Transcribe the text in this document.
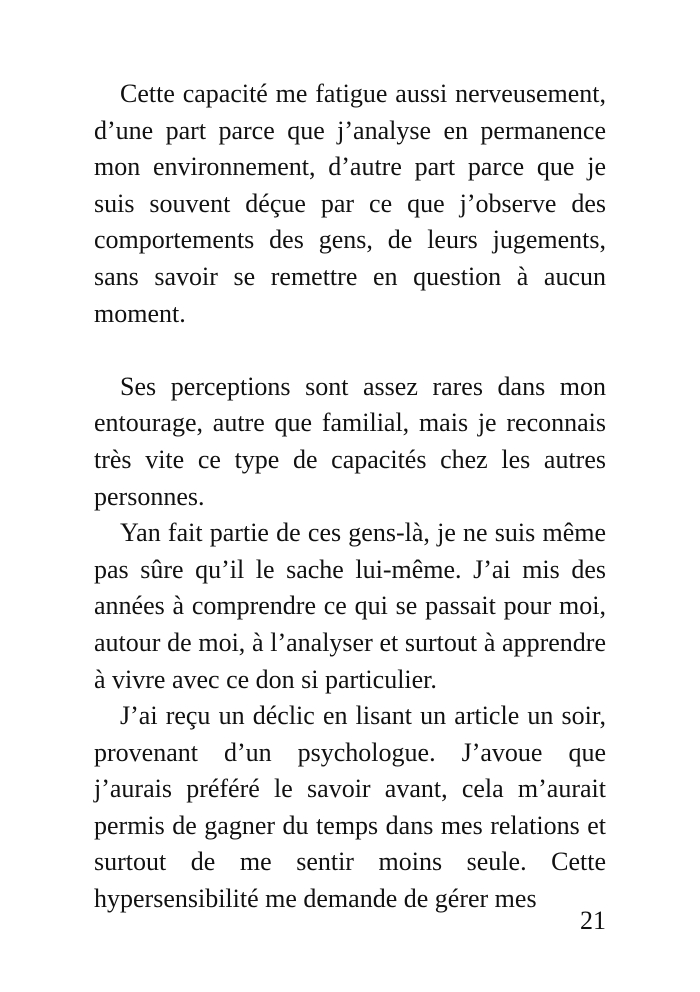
Cette capacité me fatigue aussi nerveusement, d’une part parce que j’analyse en permanence mon environnement, d’autre part parce que je suis souvent déçue par ce que j’observe des comportements des gens, de leurs jugements, sans savoir se remettre en question à aucun moment.

Ses perceptions sont assez rares dans mon entourage, autre que familial, mais je reconnais très vite ce type de capacités chez les autres personnes.

Yan fait partie de ces gens-là, je ne suis même pas sûre qu’il le sache lui-même. J’ai mis des années à comprendre ce qui se passait pour moi, autour de moi, à l’analyser et surtout à apprendre à vivre avec ce don si particulier.

J’ai reçu un déclic en lisant un article un soir, provenant d’un psychologue. J’avoue que j’aurais préféré le savoir avant, cela m’aurait permis de gagner du temps dans mes relations et surtout de me sentir moins seule. Cette hypersensibilité me demande de gérer mes

21
